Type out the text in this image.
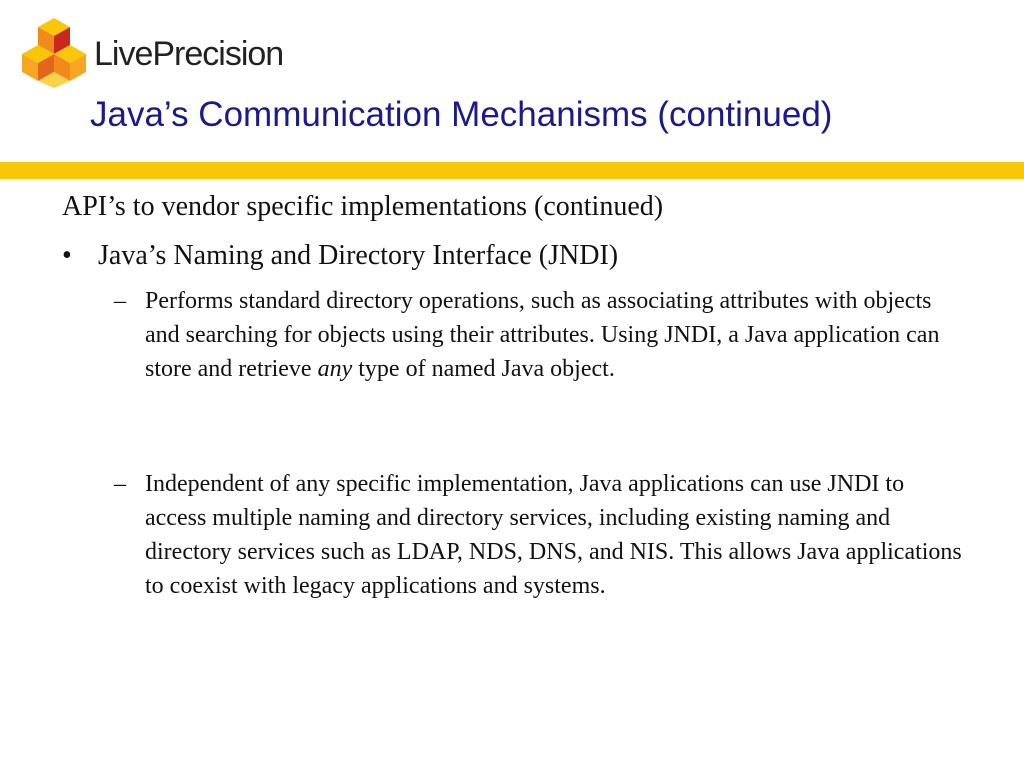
LivePrecision
Java’s Communication Mechanisms (continued)
API’s to vendor specific implementations (continued)
• Java’s Naming and Directory Interface (JNDI)
– Performs standard directory operations, such as associating attributes with objects and searching for objects using their attributes. Using JNDI, a Java application can store and retrieve any type of named Java object.
– Independent of any specific implementation, Java applications can use JNDI to access multiple naming and directory services, including existing naming and directory services such as LDAP, NDS, DNS, and NIS. This allows Java applications to coexist with legacy applications and systems.
